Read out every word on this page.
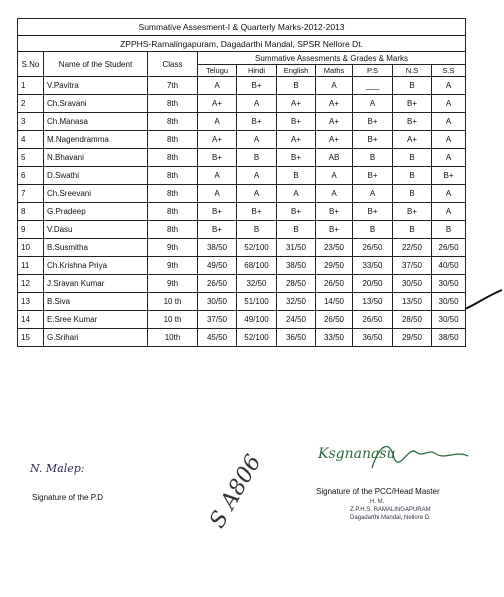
Summative Assesment-I & Quarterly Marks-2012-2013									
ZPPHS-Ramalingapuram, Dagadarthi Mandal, SPSR Nellore Dt.									
S.No	Name of the Student	Class	Summative Assesments & Grades & Marks						
			Telugu	Hindi	English	Maths	P.S	N.S	S.S
1	V.Pavitra	7th	A	B+	B	A	___	B	A
2	Ch.Sravani	8th	A+	A	A+	A+	A	B+	A
3	Ch.Manasa	8th	A	B+	B+	A+	B+	B+	A
4	M.Nagendramma	8th	A+	A	A+	A+	B+	A+	A
5	N.Bhavani	8th	B+	B	B+	AB	B	B	A
6	D.Swathi	8th	A	A	B	A	B+	B	B+
7	Ch.Sreevani	8th	A	A	A	A	A	B	A
8	G.Pradeep	8th	B+	B+	B+	B+	B+	B+	A
9	V.Dasu	8th	B+	B	B	B+	B	B	B
10	B.Susmitha	9th	38/50	52/100	31/50	23/50	26/50	22/50	26/50
11	Ch.Krishna Priya	9th	49/50	68/100	38/50	29/50	33/50	37/50	40/50
12	J.Sravan Kumar	9th	26/50	32/50	28/50	26/50	20/50	30/50	30/50
13	B.Siva	10 th	30/50	51/100	32/50	14/50	13/50	13/50	30/50
14	E.Sree Kumar	10 th	37/50	49/100	24/50	26/50	26/50	28/50	30/50
15	G.Srihari	10th	45/50	52/100	36/50	33/50	36/50	29/50	38/50
N. Malep:
Signature of the P.D
Ksgnanasu
Signature of the PCC/Head Master
H. M.
Z.P.H.S. RAMALINGAPURAM
Dagadarthi Mandal, Nellore D.
S A806
